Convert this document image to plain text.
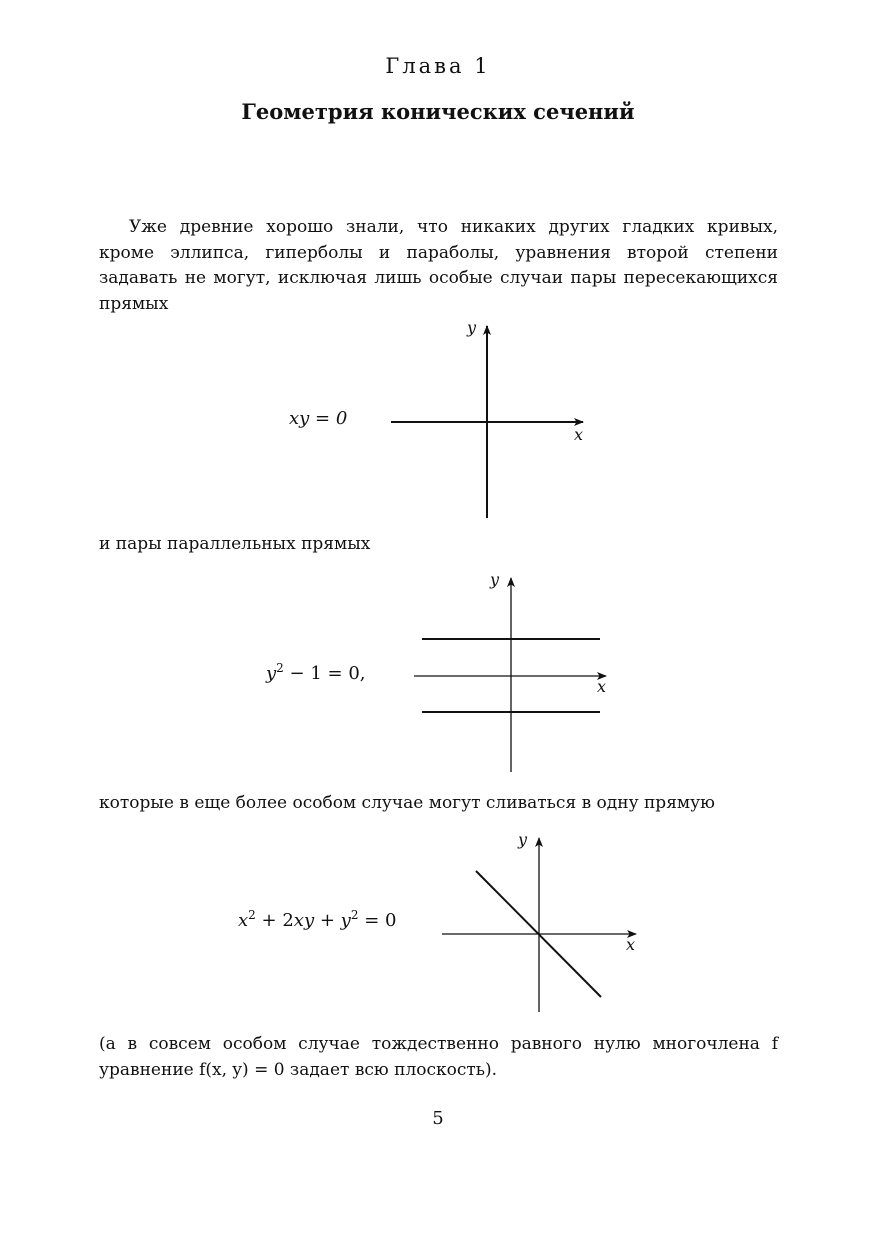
Глава 1
Геометрия конических сечений
Уже древние хорошо знали, что никаких других гладких кривых, кроме эллипса, гиперболы и параболы, уравнения второй степени задавать не могут, исключая лишь особые случаи пары пересекающихся прямых
xy = 0
x
y
и пары параллельных прямых
$y^2 - 1 = 0$,
x
y
которые в еще более особом случае могут сливаться в одну прямую
$x^2 + 2xy + y^2 = 0$
x
y
(а в совсем особом случае тождественно равного нулю многочлена f уравнение f(x, y) = 0 задает всю плоскость).
5
